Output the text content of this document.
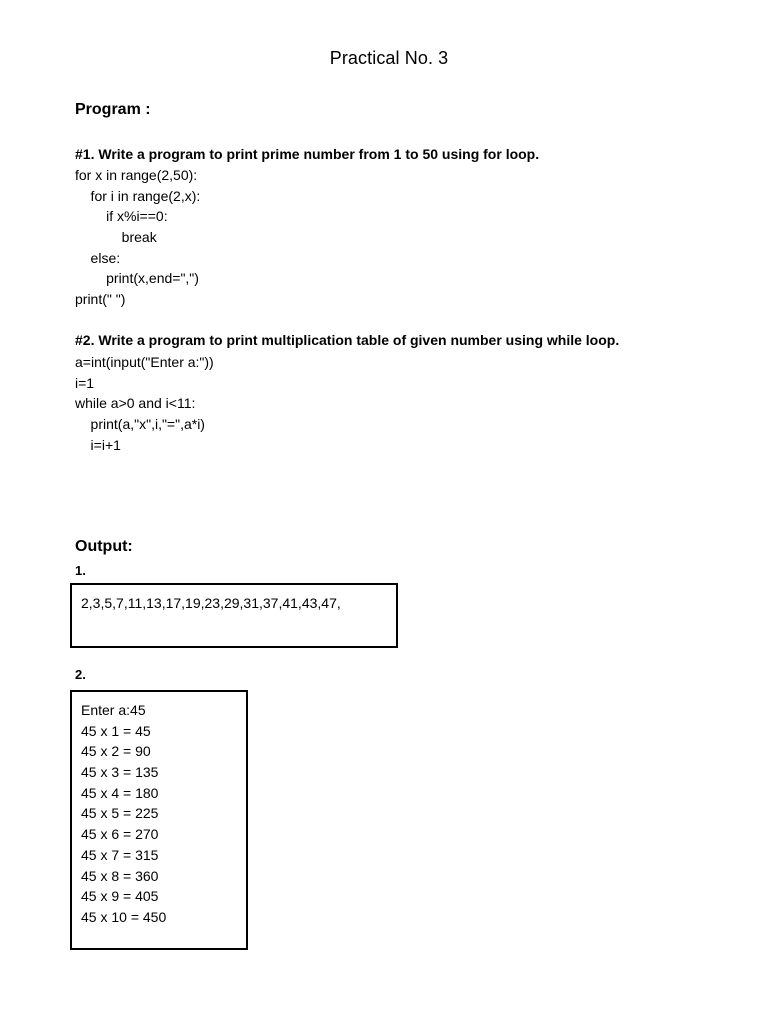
Practical No. 3
Program :
#1. Write a program to print prime number from 1 to 50 using for loop.
for x in range(2,50):
for i in range(2,x):
if x%i==0:
break
else:
print(x,end=",")
print(" ")
#2. Write a program to print multiplication table of given number using while loop.
a=int(input("Enter a:"))
i=1
while a>0 and i<11:
print(a,"x",i,"=",a*i)
i=i+1
Output:
1.
2,3,5,7,11,13,17,19,23,29,31,37,41,43,47,
2.
Enter a:45
45 x 1 = 45
45 x 2 = 90
45 x 3 = 135
45 x 4 = 180
45 x 5 = 225
45 x 6 = 270
45 x 7 = 315
45 x 8 = 360
45 x 9 = 405
45 x 10 = 450
